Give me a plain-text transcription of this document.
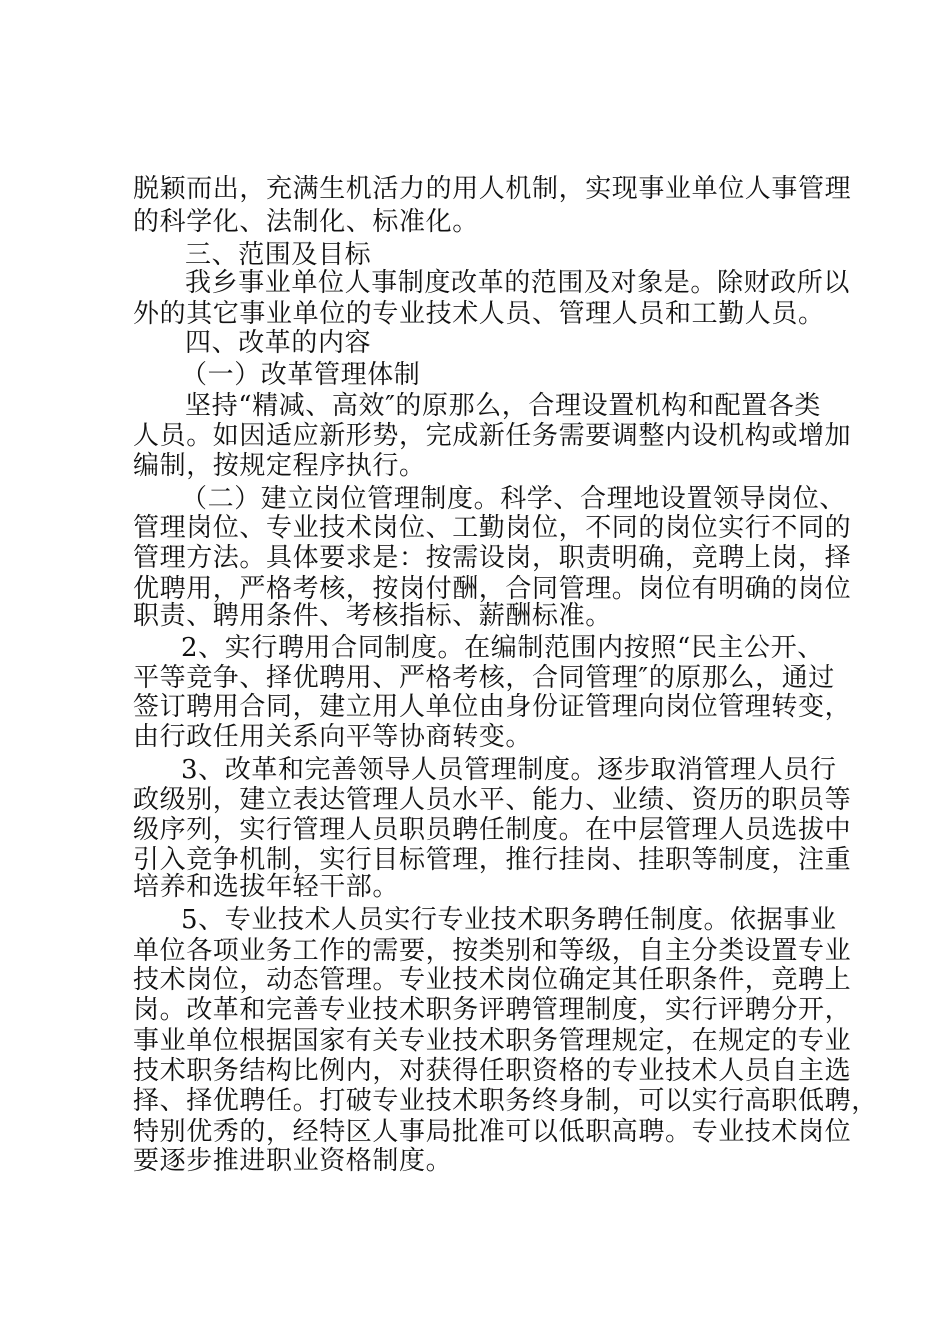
脱颖而出，充满生机活力的用人机制，实现事业单位人事管理
的科学化、法制化、标准化。
三、范围及目标
我乡事业单位人事制度改革的范围及对象是。除财政所以
外的其它事业单位的专业技术人员、管理人员和工勤人员。
四、改革的内容
（一）改革管理体制
坚持“精减、高效″的原那么，合理设置机构和配置各类
人员。如因适应新形势，完成新任务需要调整内设机构或增加
编制，按规定程序执行。
（二）建立岗位管理制度。科学、合理地设置领导岗位、
管理岗位、专业技术岗位、工勤岗位，不同的岗位实行不同的
管理方法。具体要求是：按需设岗，职责明确，竞聘上岗，择
优聘用，严格考核，按岗付酬，合同管理。岗位有明确的岗位
职责、聘用条件、考核指标、薪酬标准。
2、实行聘用合同制度。在编制范围内按照“民主公开、
平等竞争、择优聘用、严格考核，合同管理″的原那么，通过
签订聘用合同，建立用人单位由身份证管理向岗位管理转变，
由行政任用关系向平等协商转变。
3、改革和完善领导人员管理制度。逐步取消管理人员行
政级别，建立表达管理人员水平、能力、业绩、资历的职员等
级序列，实行管理人员职员聘任制度。在中层管理人员选拔中
引入竞争机制，实行目标管理，推行挂岗、挂职等制度，注重
培养和选拔年轻干部。
5、专业技术人员实行专业技术职务聘任制度。依据事业
单位各项业务工作的需要，按类别和等级，自主分类设置专业
技术岗位，动态管理。专业技术岗位确定其任职条件，竞聘上
岗。改革和完善专业技术职务评聘管理制度，实行评聘分开，
事业单位根据国家有关专业技术职务管理规定，在规定的专业
技术职务结构比例内，对获得任职资格的专业技术人员自主选
择、择优聘任。打破专业技术职务终身制，可以实行高职低聘，
特别优秀的，经特区人事局批准可以低职高聘。专业技术岗位
要逐步推进职业资格制度。
